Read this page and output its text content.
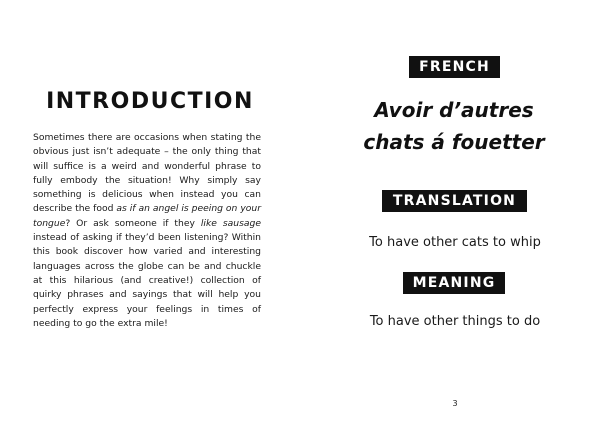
INTRODUCTION

Sometimes there are occasions when stating the obvious just isn’t adequate – the only thing that will suffice is a weird and wonderful phrase to fully embody the situation! Why simply say something is delicious when instead you can describe the food as if an angel is peeing on your tongue? Or ask someone if they like sausage instead of asking if they’d been listening? Within this book discover how varied and interesting languages across the globe can be and chuckle at this hilarious (and creative!) collection of quirky phrases and sayings that will help you perfectly express your feelings in times of needing to go the extra mile!

FRENCH

Avoir d’autres
chats á fouetter

TRANSLATION

To have other cats to whip

MEANING

To have other things to do

3
